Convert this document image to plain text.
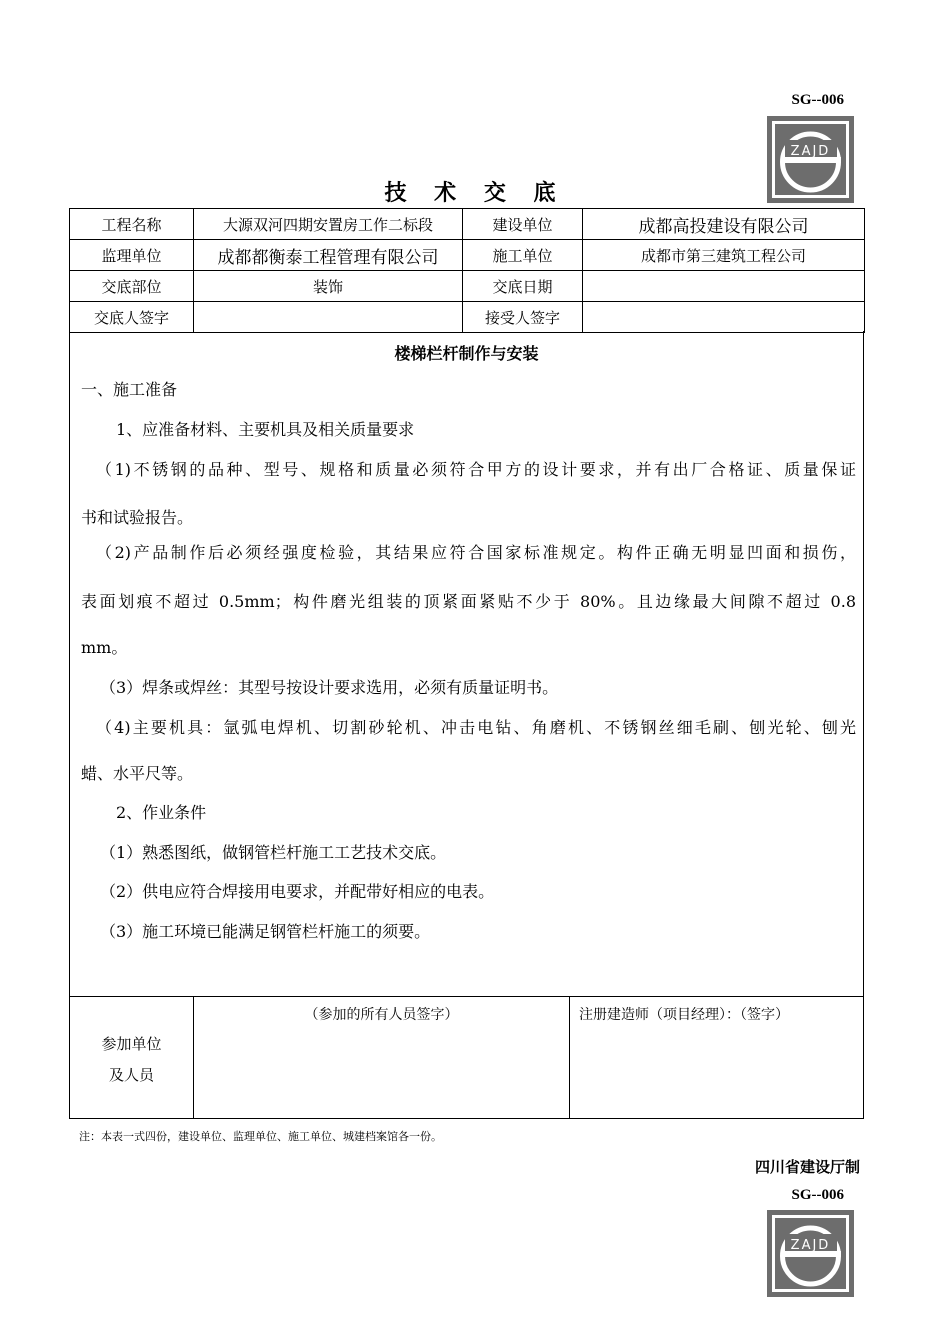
SG--006
ZAJD
技 术 交 底
工程名称	大源双河四期安置房工作二标段	建设单位	成都高投建设有限公司
监理单位	成都都衡泰工程管理有限公司	施工单位	成都市第三建筑工程公司
交底部位	装饰	交底日期	
交底人签字		接受人签字	
楼梯栏杆制作与安装
一、施工准备
1、应准备材料、主要机具及相关质量要求
（1)不锈钢的品种、型号、规格和质量必须符合甲方的设计要求，并有出厂合格证、质量保证
书和试验报告。
（2)产品制作后必须经强度检验，其结果应符合国家标准规定。构件正确无明显凹面和损伤，
表面划痕不超过 0.5mm；构件磨光组装的顶紧面紧贴不少于 80%。且边缘最大间隙不超过 0.8
mm。
（3）焊条或焊丝：其型号按设计要求选用，必须有质量证明书。
（4)主要机具：氩弧电焊机、切割砂轮机、冲击电钻、角磨机、不锈钢丝细毛刷、刨光轮、刨光
蜡、水平尺等。
2、作业条件
（1）熟悉图纸，做钢管栏杆施工工艺技术交底。
（2）供电应符合焊接用电要求，并配带好相应的电表。
（3）施工环境已能满足钢管栏杆施工的须要。
参加单位
及人员
（参加的所有人员签字）	注册建造师（项目经理）：（签字）
注：本表一式四份，建设单位、监理单位、施工单位、城建档案馆各一份。
四川省建设厅制
SG--006
ZAJD
